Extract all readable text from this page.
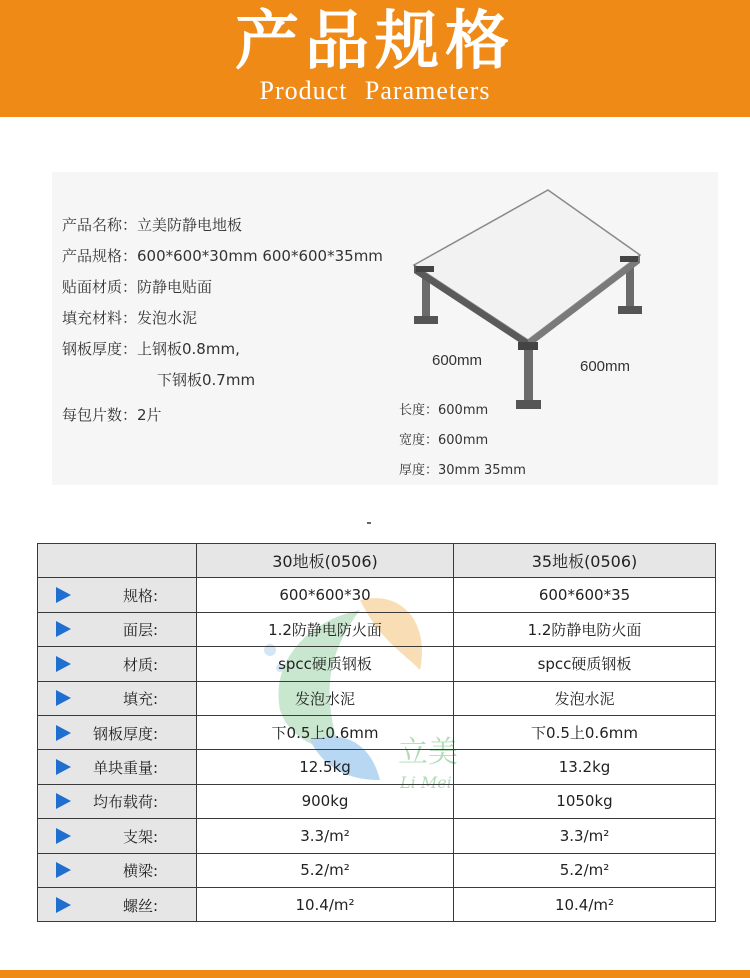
产品规格
Product Parameters
产品名称：立美防静电地板
产品规格：600*600*30mm 600*600*35mm
贴面材质：防静电贴面
填充材料：发泡水泥
钢板厚度：上钢板0.8mm,
下钢板0.7mm
每包片数：2片
600mm	600mm
长度：600mm
宽度：600mm
厚度：30mm 35mm
立美
Li Mei
	30地板(0506)	35地板(0506)

规格:	600*600*30	600*600*35

面层:	1.2防静电防火面	1.2防静电防火面

材质:	spcc硬质钢板	spcc硬质钢板

填充:	发泡水泥	发泡水泥

钢板厚度:	下0.5上0.6mm	下0.5上0.6mm

单块重量:	12.5kg	13.2kg

均布载荷:	900kg	1050kg

支架:	3.3/m²	3.3/m²

横梁:	5.2/m²	5.2/m²

螺丝:	10.4/m²	10.4/m²
